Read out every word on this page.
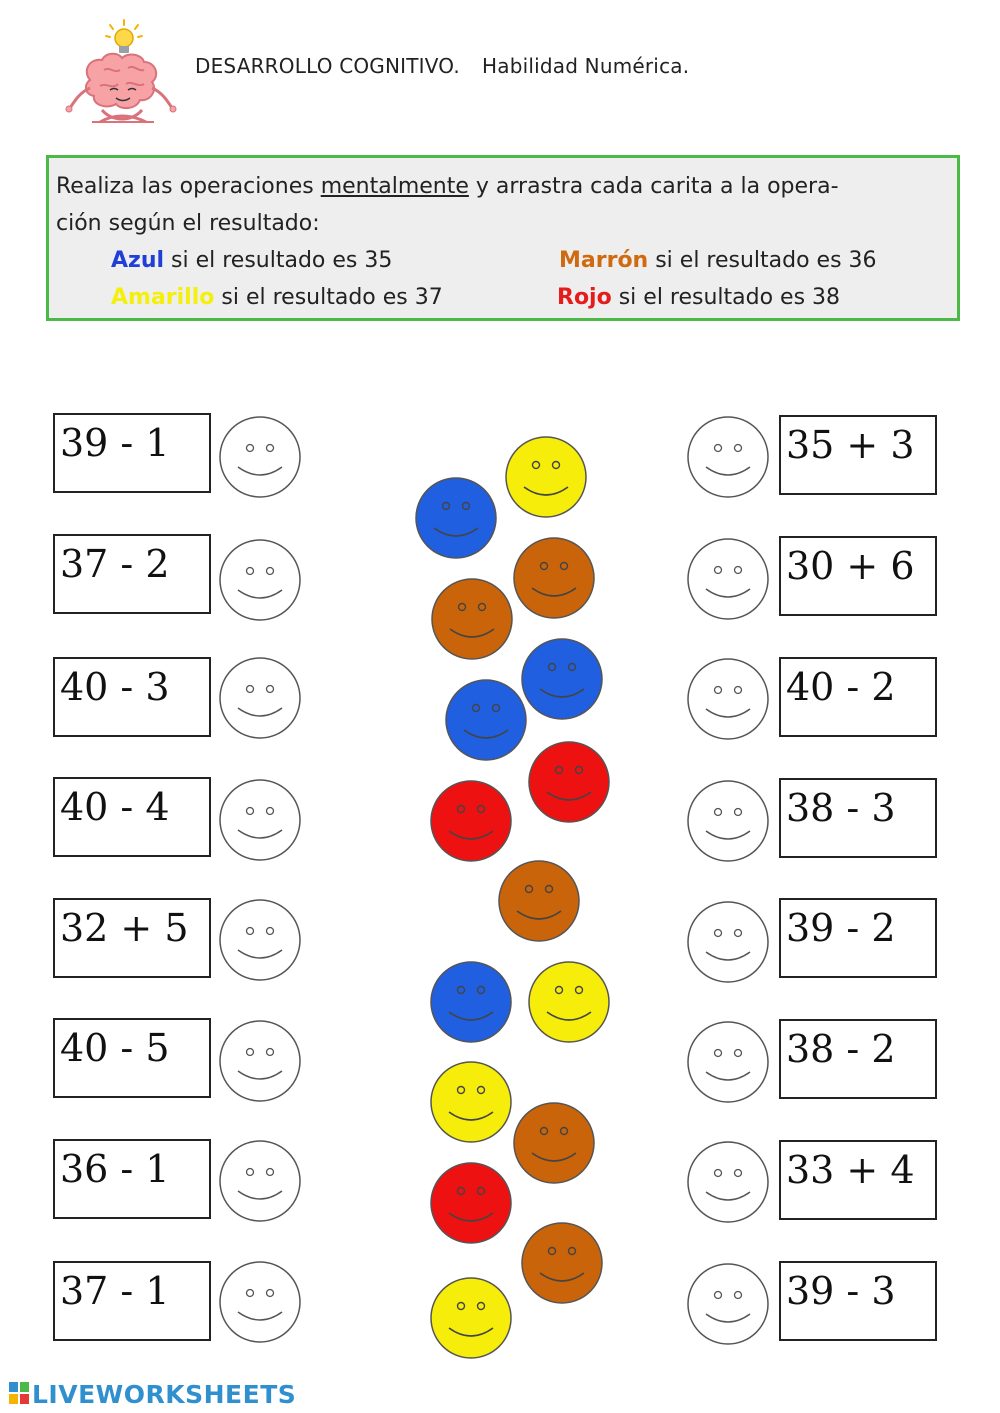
DESARROLLO COGNITIVO. Habilidad Numérica.
Realiza las operaciones mentalmente y arrastra cada carita a la opera-
ción según el resultado:
Azul si el resultado es 35	Marrón si el resultado es 36
Amarillo si el resultado es 37	Rojo si el resultado es 38
39 - 1
37 - 2
40 - 3
40 - 4
32 + 5
40 - 5
36 - 1
37 - 1
35 + 3
30 + 6
40 - 2
38 - 3
39 - 2
38 - 2
33 + 4
39 - 3
LIVEWORKSHEETS
